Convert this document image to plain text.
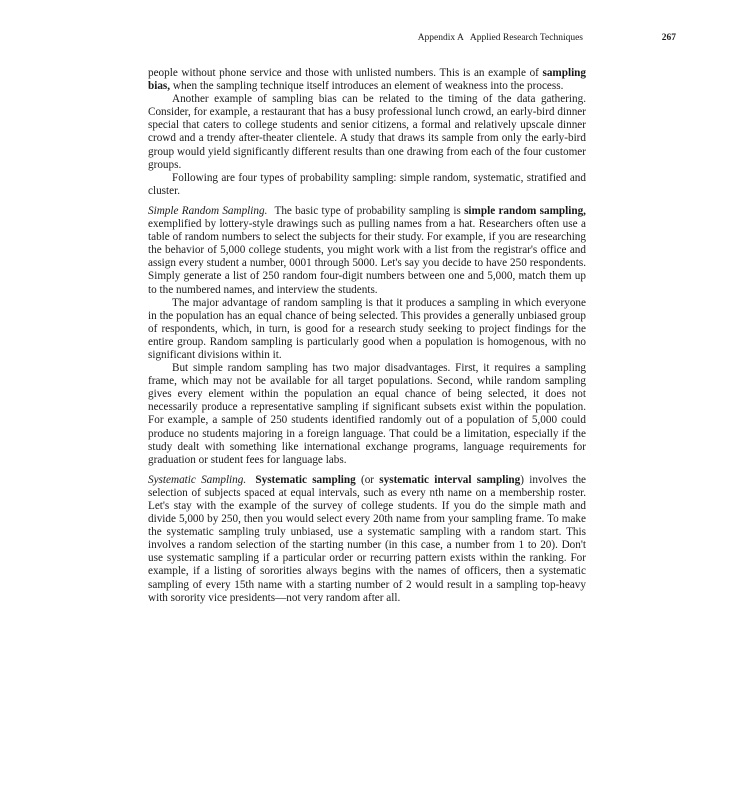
Appendix A Applied Research Techniques	267

people without phone service and those with unlisted numbers. This is an example of sampling bias, when the sampling technique itself introduces an element of weakness into the process.

Another example of sampling bias can be related to the timing of the data gathering. Consider, for example, a restaurant that has a busy professional lunch crowd, an early-bird dinner special that caters to college students and senior citizens, a formal and relatively upscale dinner crowd and a trendy after-theater clientele. A study that draws its sample from only the early-bird group would yield significantly different results than one drawing from each of the four customer groups.

Following are four types of probability sampling: simple random, systematic, stratified and cluster.

Simple Random Sampling. The basic type of probability sampling is simple random sampling, exemplified by lottery-style drawings such as pulling names from a hat. Researchers often use a table of random numbers to select the subjects for their study. For example, if you are researching the behavior of 5,000 college students, you might work with a list from the registrar's office and assign every student a number, 0001 through 5000. Let's say you decide to have 250 respondents. Simply generate a list of 250 random four-digit numbers between one and 5,000, match them up to the numbered names, and interview the students.

The major advantage of random sampling is that it produces a sampling in which everyone in the population has an equal chance of being selected. This provides a generally unbiased group of respondents, which, in turn, is good for a research study seeking to project findings for the entire group. Random sampling is particularly good when a population is homogenous, with no significant divisions within it.

But simple random sampling has two major disadvantages. First, it requires a sampling frame, which may not be available for all target populations. Second, while random sampling gives every element within the population an equal chance of being selected, it does not necessarily produce a representative sampling if significant subsets exist within the population. For example, a sample of 250 students identified randomly out of a population of 5,000 could produce no students majoring in a foreign language. That could be a limitation, especially if the study dealt with something like international exchange programs, language requirements for graduation or student fees for language labs.

Systematic Sampling. Systematic sampling (or systematic interval sampling) involves the selection of subjects spaced at equal intervals, such as every nth name on a membership roster. Let's stay with the example of the survey of college students. If you do the simple math and divide 5,000 by 250, then you would select every 20th name from your sampling frame. To make the systematic sampling truly unbiased, use a systematic sampling with a random start. This involves a random selection of the starting number (in this case, a number from 1 to 20). Don't use systematic sampling if a particular order or recurring pattern exists within the ranking. For example, if a listing of sororities always begins with the names of officers, then a systematic sampling of every 15th name with a starting number of 2 would result in a sampling top-heavy with sorority vice presidents—not very random after all.
